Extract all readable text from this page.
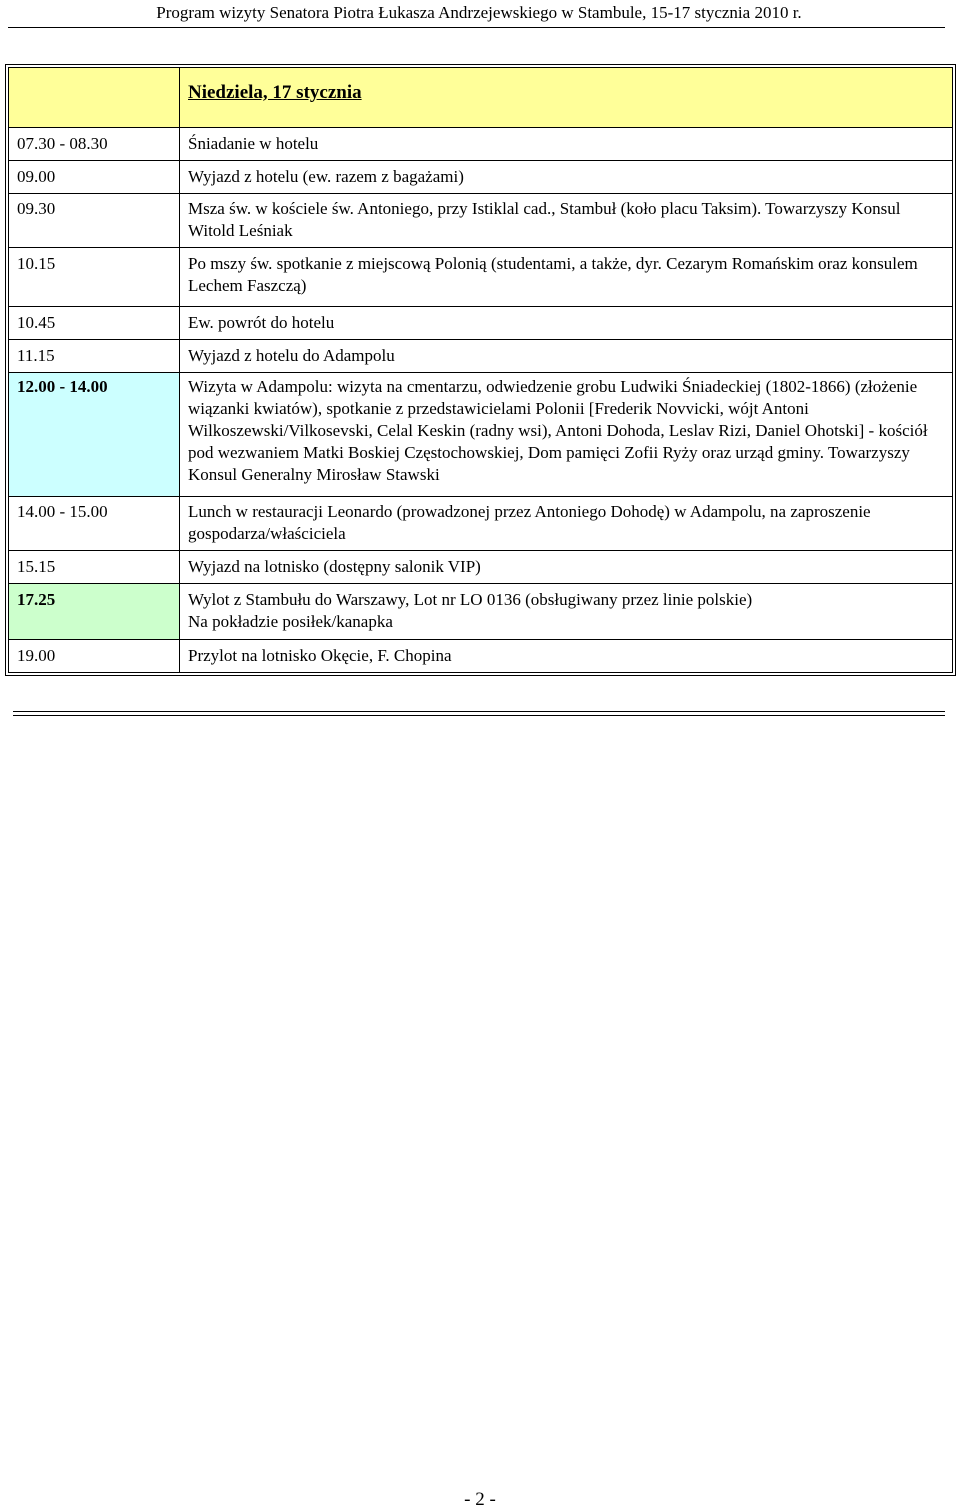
Program wizyty Senatora Piotra Łukasza Andrzejewskiego w Stambule, 15-17 stycznia 2010 r.
	Niedziela, 17 stycznia
07.30 - 08.30	Śniadanie w hotelu
09.00	Wyjazd z hotelu (ew. razem z bagażami)
09.30	Msza św. w kościele św. Antoniego, przy Istiklal cad., Stambuł (koło placu Taksim). Towarzyszy Konsul Witold Leśniak
10.15	Po mszy św. spotkanie z miejscową Polonią (studentami, a także, dyr. Cezarym Romańskim oraz konsulem Lechem Faszczą)
10.45	Ew. powrót do hotelu
11.15	Wyjazd z hotelu do Adampolu
12.00 - 14.00	Wizyta w Adampolu: wizyta na cmentarzu, odwiedzenie grobu Ludwiki Śniadeckiej (1802-1866) (złożenie wiązanki kwiatów), spotkanie z przedstawicielami Polonii [Frederik Novvicki, wójt Antoni Wilkoszewski/Vilkosevski, Celal Keskin (radny wsi), Antoni Dohoda, Leslav Rizi, Daniel Ohotski] - kościół pod wezwaniem Matki Boskiej Częstochowskiej, Dom pamięci Zofii Ryży oraz urząd gminy. Towarzyszy Konsul Generalny Mirosław Stawski
14.00 - 15.00	Lunch w restauracji Leonardo (prowadzonej przez Antoniego Dohodę) w Adampolu, na zaproszenie gospodarza/właściciela
15.15	Wyjazd na lotnisko (dostępny salonik VIP)
17.25	Wylot z Stambułu do Warszawy, Lot nr LO 0136 (obsługiwany przez linie polskie)
Na pokładzie posiłek/kanapka

19.00	Przylot na lotnisko Okęcie, F. Chopina
- 2 -
